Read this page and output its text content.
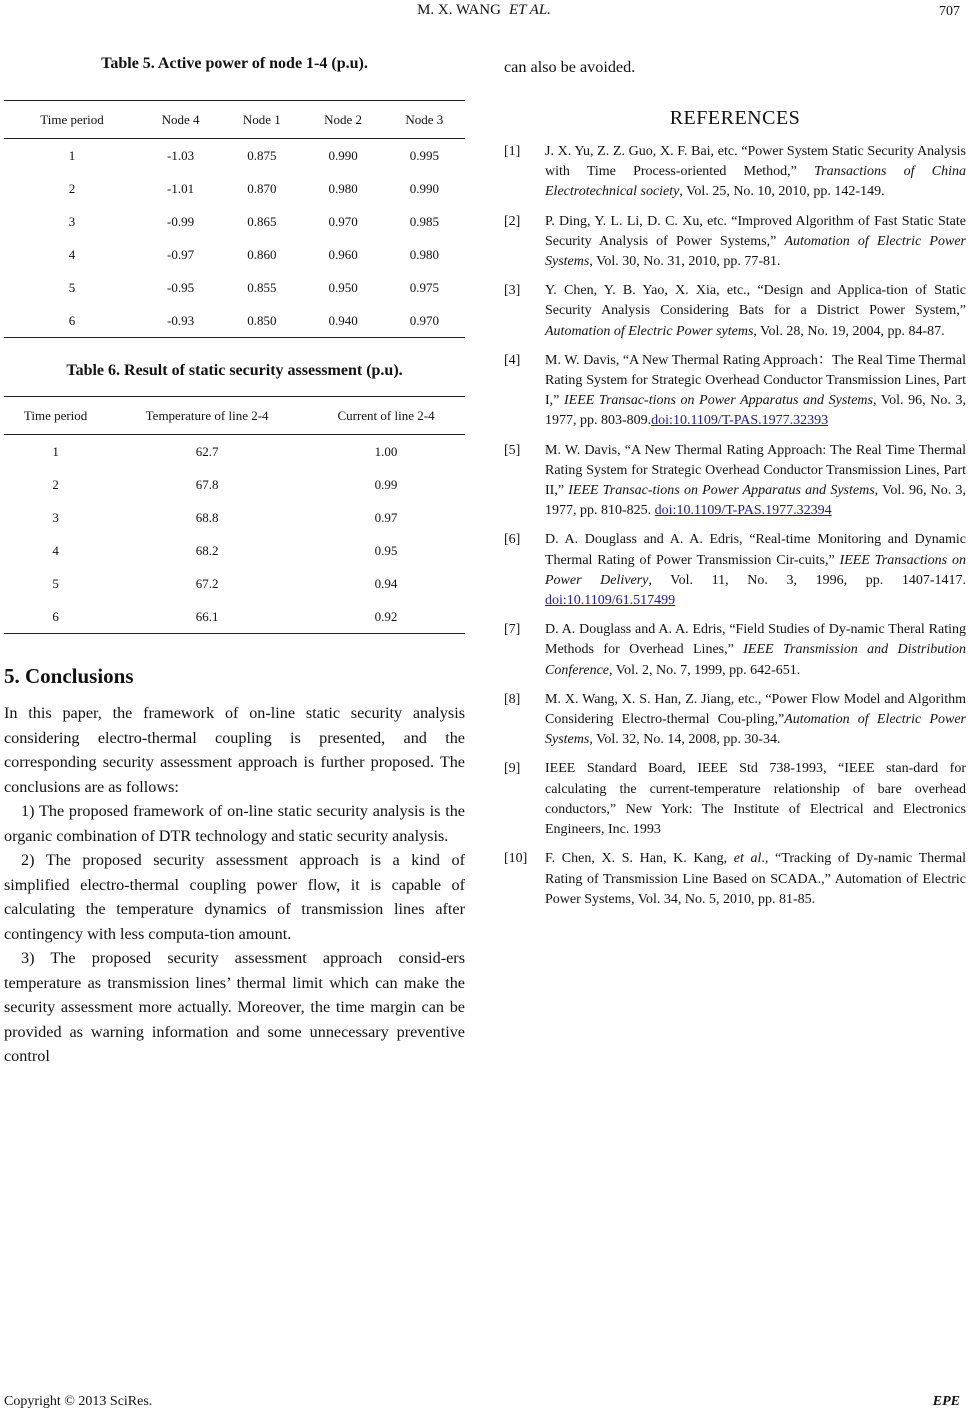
M. X. WANG ET AL.	707

Table 5. Active power of node 1-4 (p.u).

Time period	Node 4	Node 1	Node 2	Node 3
1	-1.03	0.875	0.990	0.995
2	-1.01	0.870	0.980	0.990
3	-0.99	0.865	0.970	0.985
4	-0.97	0.860	0.960	0.980
5	-0.95	0.855	0.950	0.975
6	-0.93	0.850	0.940	0.970

Table 6. Result of static security assessment (p.u).

Time period	Temperature of line 2-4	Current of line 2-4
1	62.7	1.00
2	67.8	0.99
3	68.8	0.97
4	68.2	0.95
5	67.2	0.94
6	66.1	0.92
5. Conclusions

In this paper, the framework of on-line static security analysis considering electro-thermal coupling is presented, and the corresponding security assessment approach is further proposed. The conclusions are as follows:

1) The proposed framework of on-line static security analysis is the organic combination of DTR technology and static security analysis.

2) The proposed security assessment approach is a kind of simplified electro-thermal coupling power flow, it is capable of calculating the temperature dynamics of transmission lines after contingency with less computa-tion amount.

3) The proposed security assessment approach consid-ers temperature as transmission lines’ thermal limit which can make the security assessment more actually. Moreover, the time margin can be provided as warning information and some unnecessary preventive control

can also be avoided.

REFERENCES
[1] J. X. Yu, Z. Z. Guo, X. F. Bai, etc. “Power System Static Security Analysis with Time Process-oriented Method,” Transactions of China Electrotechnical society, Vol. 25, No. 10, 2010, pp. 142-149.
[2] P. Ding, Y. L. Li, D. C. Xu, etc. “Improved Algorithm of Fast Static State Security Analysis of Power Systems,” Automation of Electric Power Systems, Vol. 30, No. 31, 2010, pp. 77-81.
[3] Y. Chen, Y. B. Yao, X. Xia, etc., “Design and Applica-tion of Static Security Analysis Considering Bats for a District Power System,” Automation of Electric Power sytems, Vol. 28, No. 19, 2004, pp. 84-87.
[4] M. W. Davis, “A New Thermal Rating Approach：The Real Time Thermal Rating System for Strategic Overhead Conductor Transmission Lines, Part I,” IEEE Transac-tions on Power Apparatus and Systems, Vol. 96, No. 3, 1977, pp. 803-809.doi:10.1109/T-PAS.1977.32393
[5] M. W. Davis, “A New Thermal Rating Approach: The Real Time Thermal Rating System for Strategic Overhead Conductor Transmission Lines, Part II,” IEEE Transac-tions on Power Apparatus and Systems, Vol. 96, No. 3, 1977, pp. 810-825. doi:10.1109/T-PAS.1977.32394
[6] D. A. Douglass and A. A. Edris, “Real-time Monitoring and Dynamic Thermal Rating of Power Transmission Cir-cuits,” IEEE Transactions on Power Delivery, Vol. 11, No. 3, 1996, pp. 1407-1417. doi:10.1109/61.517499
[7] D. A. Douglass and A. A. Edris, “Field Studies of Dy-namic Theral Rating Methods for Overhead Lines,” IEEE Transmission and Distribution Conference, Vol. 2, No. 7, 1999, pp. 642-651.
[8] M. X. Wang, X. S. Han, Z. Jiang, etc., “Power Flow Model and Algorithm Considering Electro-thermal Cou-pling,”Automation of Electric Power Systems, Vol. 32, No. 14, 2008, pp. 30-34.
[9] IEEE Standard Board, IEEE Std 738-1993, “IEEE stan-dard for calculating the current-temperature relationship of bare overhead conductors,” New York: The Institute of Electrical and Electronics Engineers, Inc. 1993
[10] F. Chen, X. S. Han, K. Kang, et al., “Tracking of Dy-namic Thermal Rating of Transmission Line Based on SCADA.,” Automation of Electric Power Systems, Vol. 34, No. 5, 2010, pp. 81-85.
Copyright © 2013 SciRes.	EPE
